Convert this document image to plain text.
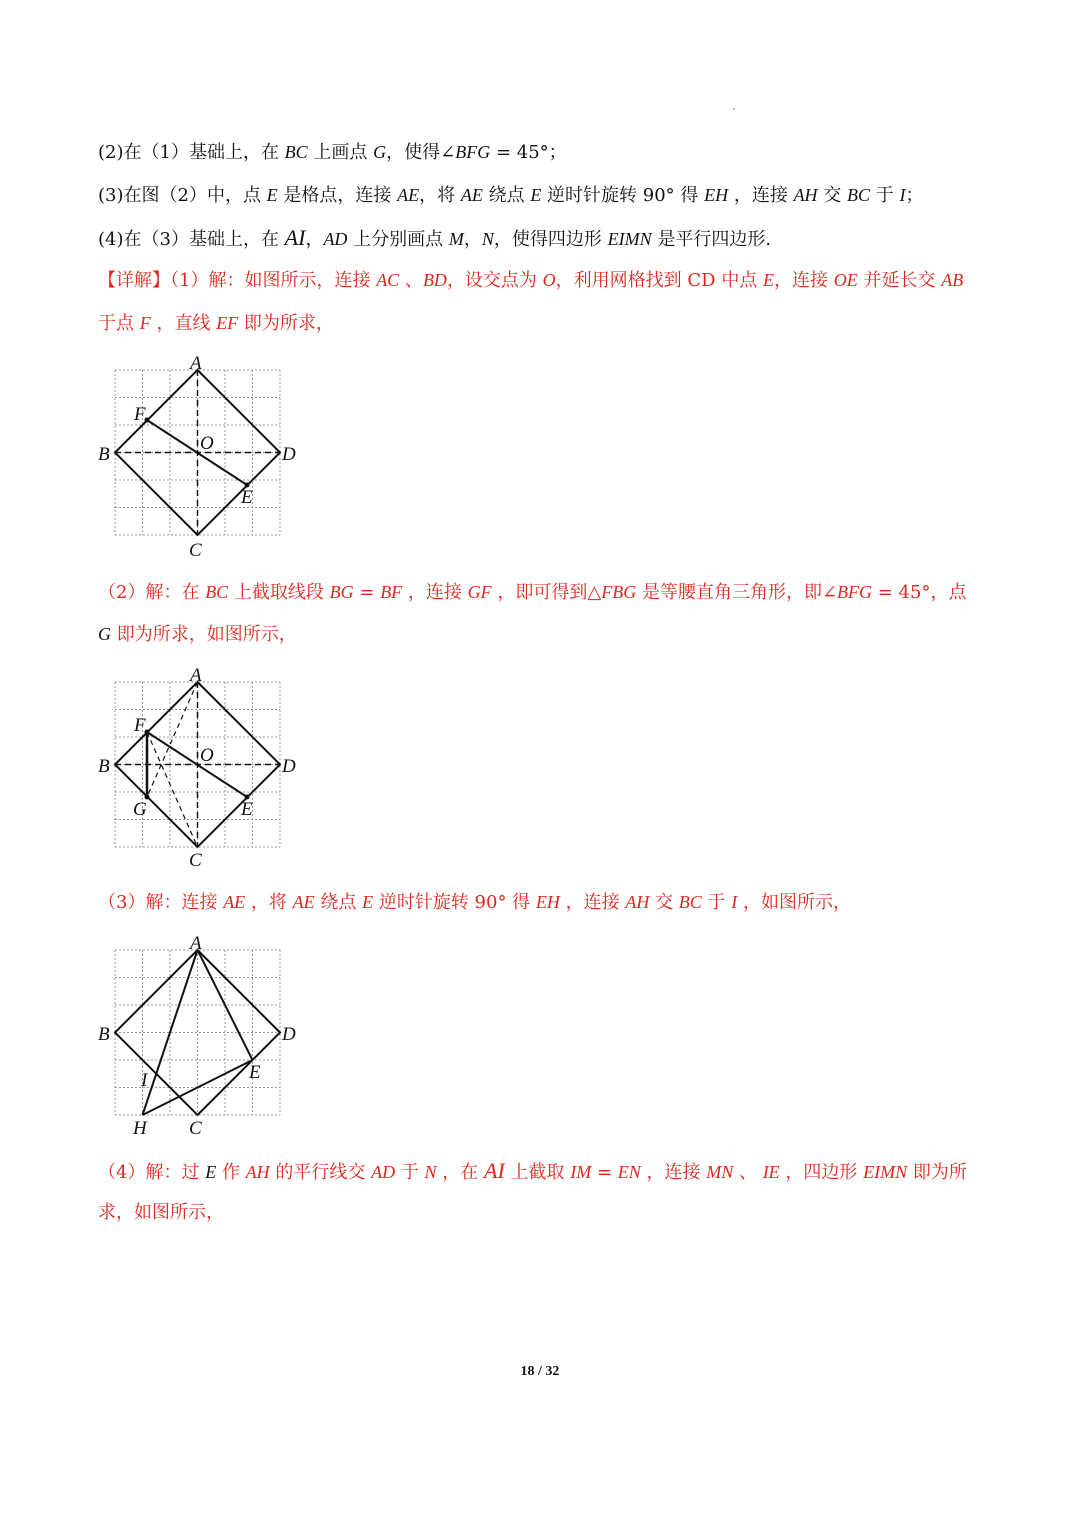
(2)在（1）基础上，在 BC 上画点 G，使得∠BFG = 45°；
(3)在图（2）中，点 E 是格点，连接 AE，将 AE 绕点 E 逆时针旋转 90° 得 EH ，连接 AH 交 BC 于 I；
(4)在（3）基础上，在 AI，AD 上分别画点 M，N，使得四边形 EIMN 是平行四边形.
【详解】（1）解：如图所示，连接 AC 、BD，设交点为 O，利用网格找到 CD 中点 E，连接 OE 并延长交 AB
于点 F ，直线 EF 即为所求，
A
B
C
D
O
E
F
（2）解：在 BC 上截取线段 BG = BF ，连接 GF ，即可得到△FBG 是等腰直角三角形，即∠BFG = 45°，点
G 即为所求，如图所示，
A
B
C
D
O
E
F
G
（3）解：连接 AE ，将 AE 绕点 E 逆时针旋转 90° 得 EH ，连接 AH 交 BC 于 I ，如图所示，
A
B
C
D
E
H
I
（4）解：过 E 作 AH 的平行线交 AD 于 N ，在 AI 上截取 IM = EN ，连接 MN 、 IE ，四边形 EIMN 即为所
求，如图所示，
18 / 32
